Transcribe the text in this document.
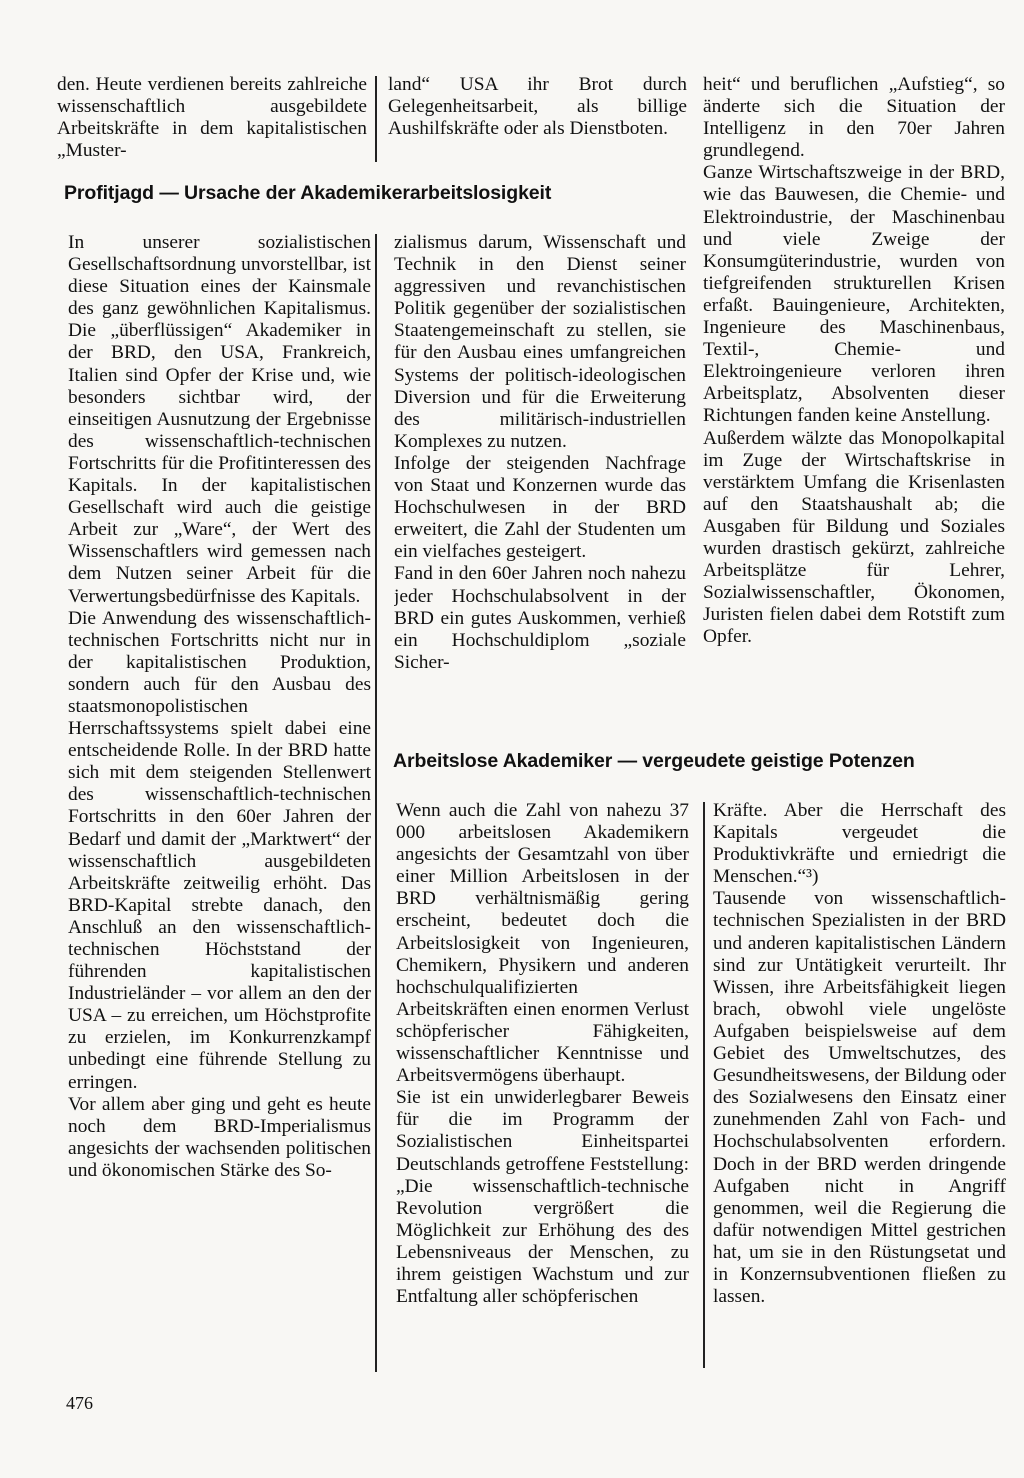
den. Heute verdienen bereits zahlreiche wissenschaftlich ausgebildete Arbeitskräfte in dem kapitalistischen „Muster-
land“ USA ihr Brot durch Gelegenheitsarbeit, als billige Aushilfskräfte oder als Dienstboten.
Profitjagd — Ursache der Akademikerarbeitslosigkeit
In unserer sozialistischen Gesellschaftsordnung unvorstellbar, ist diese Situation eines der Kainsmale des ganz gewöhnlichen Kapitalismus. Die „überflüssigen“ Akademiker in der BRD, den USA, Frankreich, Italien sind Opfer der Krise und, wie besonders sichtbar wird, der einseitigen Ausnutzung der Ergebnisse des wissenschaftlich-technischen Fortschritts für die Profitinteressen des Kapitals. In der kapitalistischen Gesellschaft wird auch die geistige Arbeit zur „Ware“, der Wert des Wissenschaftlers wird gemessen nach dem Nutzen seiner Arbeit für die Verwertungsbedürfnisse des Kapitals.
Die Anwendung des wissenschaftlich-technischen Fortschritts nicht nur in der kapitalistischen Produktion, sondern auch für den Ausbau des staatsmonopolistischen Herrschaftssystems spielt dabei eine entscheidende Rolle. In der BRD hatte sich mit dem steigenden Stellenwert des wissenschaftlich-technischen Fortschritts in den 60er Jahren der Bedarf und damit der „Marktwert“ der wissenschaftlich ausgebildeten Arbeitskräfte zeitweilig erhöht. Das BRD-Kapital strebte danach, den Anschluß an den wissenschaftlich-technischen Höchststand der führenden kapitalistischen Industrieländer – vor allem an den der USA – zu erreichen, um Höchstprofite zu erzielen, im Konkurrenzkampf unbedingt eine führende Stellung zu erringen.
Vor allem aber ging und geht es heute noch dem BRD-Imperialismus angesichts der wachsenden politischen und ökonomischen Stärke des So-
zialismus darum, Wissenschaft und Technik in den Dienst seiner aggressiven und revanchistischen Politik gegenüber der sozialistischen Staatengemeinschaft zu stellen, sie für den Ausbau eines umfangreichen Systems der politisch-ideologischen Diversion und für die Erweiterung des militärisch-industriellen Komplexes zu nutzen.
Infolge der steigenden Nachfrage von Staat und Konzernen wurde das Hochschulwesen in der BRD erweitert, die Zahl der Studenten um ein vielfaches gesteigert.
Fand in den 60er Jahren noch nahezu jeder Hochschulabsolvent in der BRD ein gutes Auskommen, verhieß ein Hochschuldiplom „soziale Sicher-
heit“ und beruflichen „Aufstieg“, so änderte sich die Situation der Intelligenz in den 70er Jahren grundlegend.
Ganze Wirtschaftszweige in der BRD, wie das Bauwesen, die Chemie- und Elektroindustrie, der Maschinenbau und viele Zweige der Konsumgüterindustrie, wurden von tiefgreifenden strukturellen Krisen erfaßt. Bauingenieure, Architekten, Ingenieure des Maschinenbaus, Textil-, Chemie- und Elektroingenieure verloren ihren Arbeitsplatz, Absolventen dieser Richtungen fanden keine Anstellung.
Außerdem wälzte das Monopolkapital im Zuge der Wirtschaftskrise in verstärktem Umfang die Krisenlasten auf den Staatshaushalt ab; die Ausgaben für Bildung und Soziales wurden drastisch gekürzt, zahlreiche Arbeitsplätze für Lehrer, Sozialwissenschaftler, Ökonomen, Juristen fielen dabei dem Rotstift zum Opfer.
Arbeitslose Akademiker — vergeudete geistige Potenzen
Wenn auch die Zahl von nahezu 37 000 arbeitslosen Akademikern angesichts der Gesamtzahl von über einer Million Arbeitslosen in der BRD verhältnismäßig gering erscheint, bedeutet doch die Arbeitslosigkeit von Ingenieuren, Chemikern, Physikern und anderen hochschulqualifizierten Arbeitskräften einen enormen Verlust schöpferischer Fähigkeiten, wissenschaftlicher Kenntnisse und Arbeitsvermögens überhaupt.
Sie ist ein unwiderlegbarer Beweis für die im Programm der Sozialistischen Einheitspartei Deutschlands getroffene Feststellung: „Die wissenschaftlich-technische Revolution vergrößert die Möglichkeit zur Erhöhung des des Lebensniveaus der Menschen, zu ihrem geistigen Wachstum und zur Entfaltung aller schöpferischen
Kräfte. Aber die Herrschaft des Kapitals vergeudet die Produktivkräfte und erniedrigt die Menschen.“³)
Tausende von wissenschaftlich-technischen Spezialisten in der BRD und anderen kapitalistischen Ländern sind zur Untätigkeit verurteilt. Ihr Wissen, ihre Arbeitsfähigkeit liegen brach, obwohl viele ungelöste Aufgaben beispielsweise auf dem Gebiet des Umweltschutzes, des Gesundheitswesens, der Bildung oder des Sozialwesens den Einsatz einer zunehmenden Zahl von Fach- und Hochschulabsolventen erfordern. Doch in der BRD werden dringende Aufgaben nicht in Angriff genommen, weil die Regierung die dafür notwendigen Mittel gestrichen hat, um sie in den Rüstungsetat und in Konzernsubventionen fließen zu lassen.
476
